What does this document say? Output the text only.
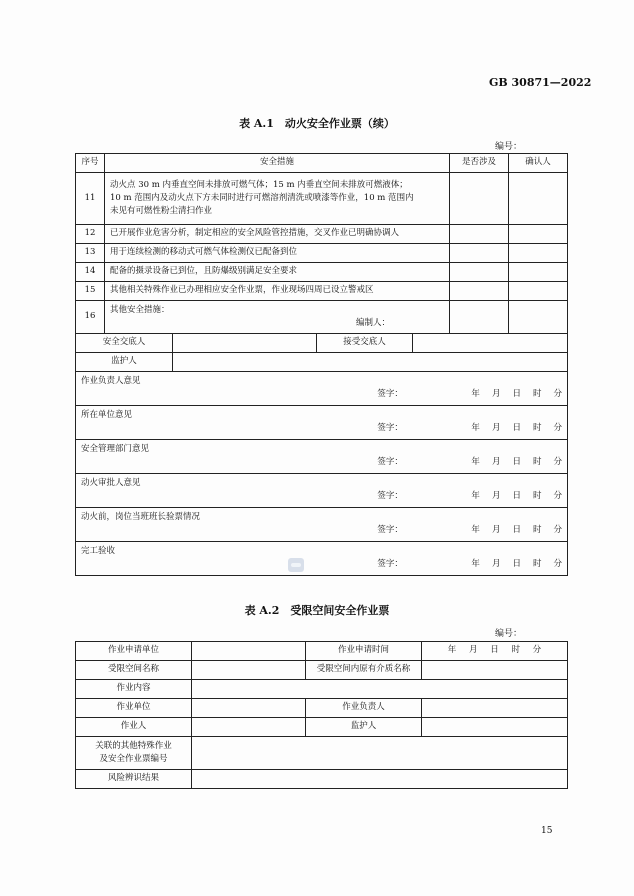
GB 30871—2022
表 A.1　动火安全作业票（续）
编号：
序号	安全措施	是否涉及	确认人
11	动火点 30 m 内垂直空间未排放可燃气体；15 m 内垂直空间未排放可燃液体；
10 m 范围内及动火点下方未同时进行可燃溶剂清洗或喷漆等作业，10 m 范围内
未见有可燃性粉尘清扫作业		

12	已开展作业危害分析，制定相应的安全风险管控措施，交叉作业已明确协调人		
13	用于连续检测的移动式可燃气体检测仪已配备到位		
14	配备的摄录设备已到位，且防爆级别满足安全要求		
15	其他相关特殊作业已办理相应安全作业票，作业现场四周已设立警戒区		
16	其他安全措施：
编制人：		

安全交底人		接受交底人	
监护人			
作业负责人意见
签字：	年 月 日 时 分

所在单位意见
签字：	年 月 日 时 分

安全管理部门意见
签字：	年 月 日 时 分

动火审批人意见
签字：	年 月 日 时 分

动火前，岗位当班班长验票情况
签字：	年 月 日 时 分

完工验收
签字：	年 月 日 时 分
表 A.2　受限空间安全作业票
编号：
作业申请单位		作业申请时间	年 月 日 时 分
受限空间名称		受限空间内原有介质名称	
作业内容			
作业单位		作业负责人	
作业人		监护人	

关联的其他特殊作业
及安全作业票编号			

风险辨识结果			
15
